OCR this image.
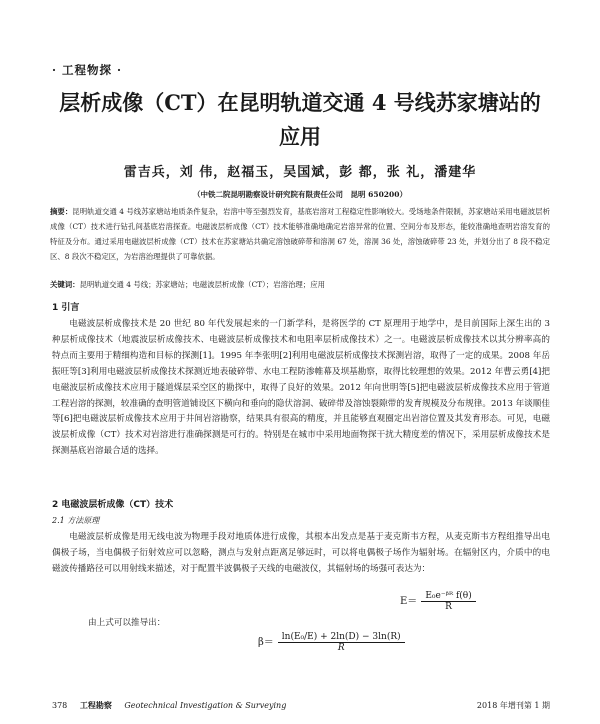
· 工程物探 ·
层析成像（CT）在昆明轨道交通 4 号线苏家塘站的
应用
雷吉兵，刘 伟，赵福玉，吴国斌，彭 都，张 礼，潘建华
（中铁二院昆明勘察设计研究院有限责任公司　昆明 650200）
摘要：昆明轨道交通 4 号线苏家塘站地质条件复杂，岩溶中等至强烈发育，基底岩溶对工程稳定性影响较大。受场地条件限制，苏家塘站采用电磁波层析成像（CT）技术进行钻孔间基底岩溶探查。电磁波层析成像（CT）技术能够准确地确定岩溶异常的位置、空间分布及形态，能较准确地查明岩溶发育的特征及分布。通过采用电磁波层析成像（CT）技术在苏家塘站共确定溶蚀破碎带和溶洞 67 处，溶洞 36 处，溶蚀破碎带 23 处，并划分出了 8 段不稳定区、8 段次不稳定区，为岩溶治理提供了可靠依据。
关键词：昆明轨道交通 4 号线；苏家塘站；电磁波层析成像（CT）；岩溶治理；应用
1 引言
电磁波层析成像技术是 20 世纪 80 年代发展起来的一门新学科，是将医学的 CT 原理用于地学中，是目前国际上深生出的 3 种层析成像技术（地震波层析成像技术、电磁波层析成像技术和电阻率层析成像技术）之一。电磁波层析成像技术以其分辨率高的特点而主要用于精细构造和目标的探测[1]。1995 年李张明[2]利用电磁波层析成像技术探测岩溶，取得了一定的成果。2008 年岳振旺等[3]利用电磁波层析成像技术探测近地表破碎带、水电工程防渗帷幕及坝基勘察，取得比较理想的效果。2012 年曹云勇[4]把电磁波层析成像技术应用于隧道煤层采空区的勘探中，取得了良好的效果。2012 年向世明等[5]把电磁波层析成像技术应用于管道工程岩溶的探测，较准确的查明管道铺设区下横向和垂向的隐伏溶洞、破碎带及溶蚀裂隙带的发育规模及分布规律。2013 年谈顺佳等[6]把电磁波层析成像技术应用于井间岩溶勘察，结果具有很高的精度，并且能够直观圈定出岩溶位置及其发育形态。可见，电磁波层析成像（CT）技术对岩溶进行准确探测是可行的。特别是在城市中采用地面物探干扰大精度差的情况下，采用层析成像技术是探测基底岩溶最合适的选择。
2 电磁波层析成像（CT）技术
2.1 方法原理
电磁波层析成像是用无线电波为物理手段对地质体进行成像，其根本出发点是基于麦克斯韦方程，从麦克斯韦方程组推导出电偶极子场，当电偶极子衍射效应可以忽略，测点与发射点距离足够远时，可以将电偶极子场作为辐射场。在辐射区内，介质中的电磁波传播路径可以用射线来描述，对于配置半波偶极子天线的电磁波仪，其辐射场的场强可表达为：
$E= \frac{\text{E₀e⁻ᵝᴿ f(θ)}}{R}$
由上式可以推导出：
$\beta= \frac{\text{ln(E₀/E) + 2ln(D) − 3ln(R)}}{R}$
378 工程勘察 Geotechnical Investigation & Surveying	2018 年增刊第 1 期
